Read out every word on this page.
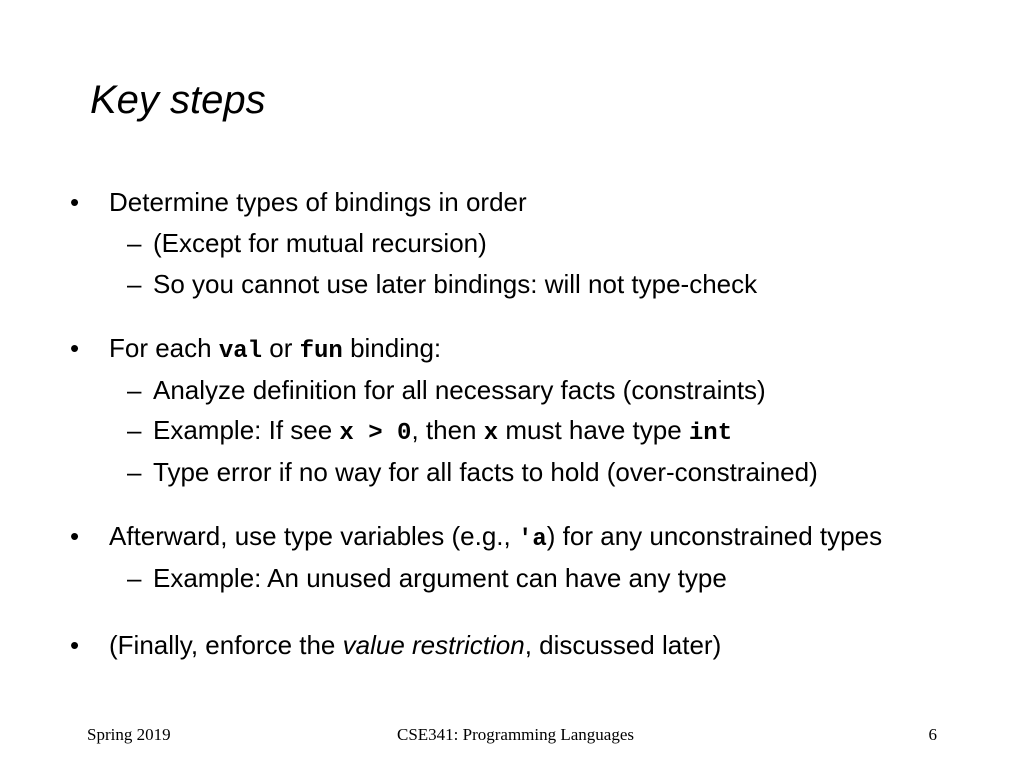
Key steps
• Determine types of bindings in order
– (Except for mutual recursion)
– So you cannot use later bindings: will not type-check
• For each val or fun binding:
– Analyze definition for all necessary facts (constraints)
– Example: If see x > 0, then x must have type int
– Type error if no way for all facts to hold (over-constrained)
• Afterward, use type variables (e.g., 'a) for any unconstrained types
– Example: An unused argument can have any type
• (Finally, enforce the value restriction, discussed later)
Spring 2019	CSE341: Programming Languages	6
